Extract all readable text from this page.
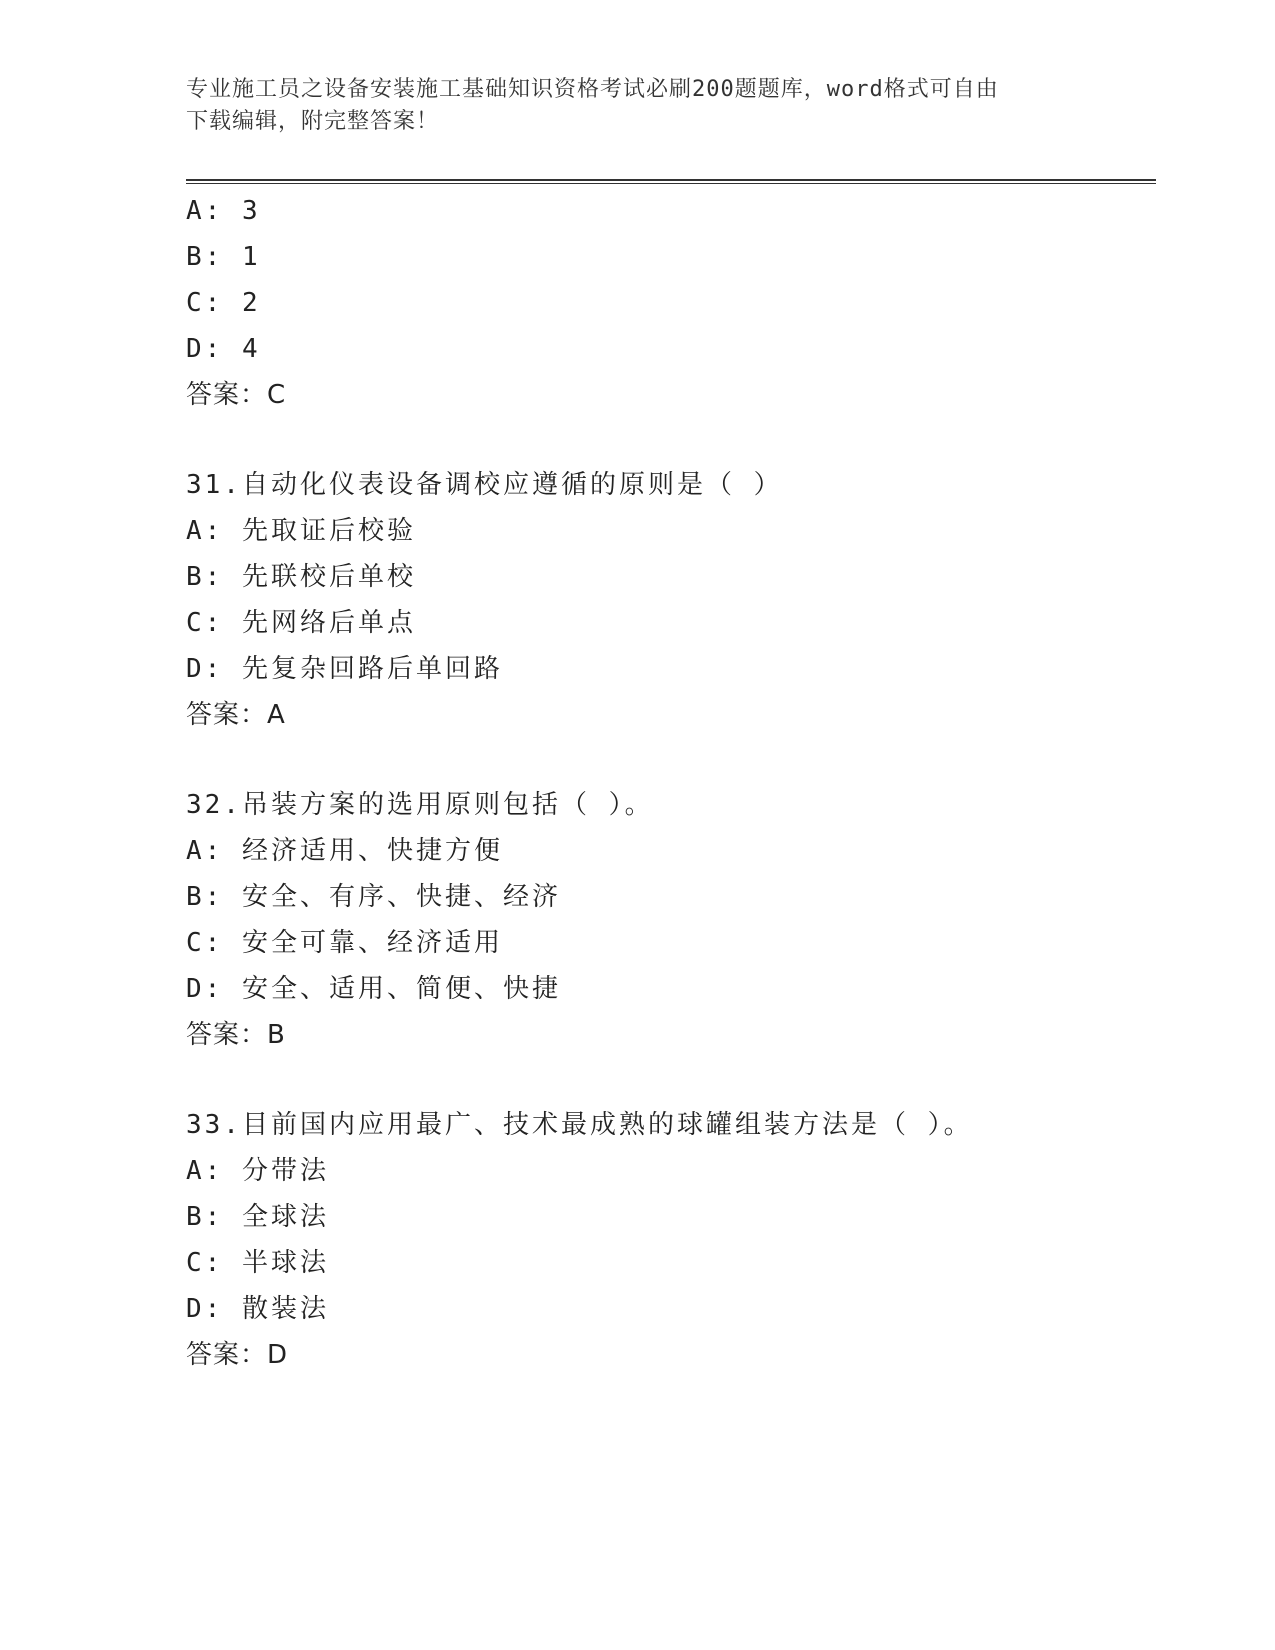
专业施工员之设备安装施工基础知识资格考试必刷200题题库，word格式可自由
下载编辑，附完整答案！
A: 3
B: 1
C: 2
D: 4
答案：C
31.自动化仪表设备调校应遵循的原则是（ ）
A: 先取证后校验
B: 先联校后单校
C: 先网络后单点
D: 先复杂回路后单回路
答案：A
32.吊装方案的选用原则包括（ ）。
A: 经济适用、快捷方便
B: 安全、有序、快捷、经济
C: 安全可靠、经济适用
D: 安全、适用、简便、快捷
答案：B
33.目前国内应用最广、技术最成熟的球罐组装方法是（ ）。
A: 分带法
B: 全球法
C: 半球法
D: 散装法
答案：D
